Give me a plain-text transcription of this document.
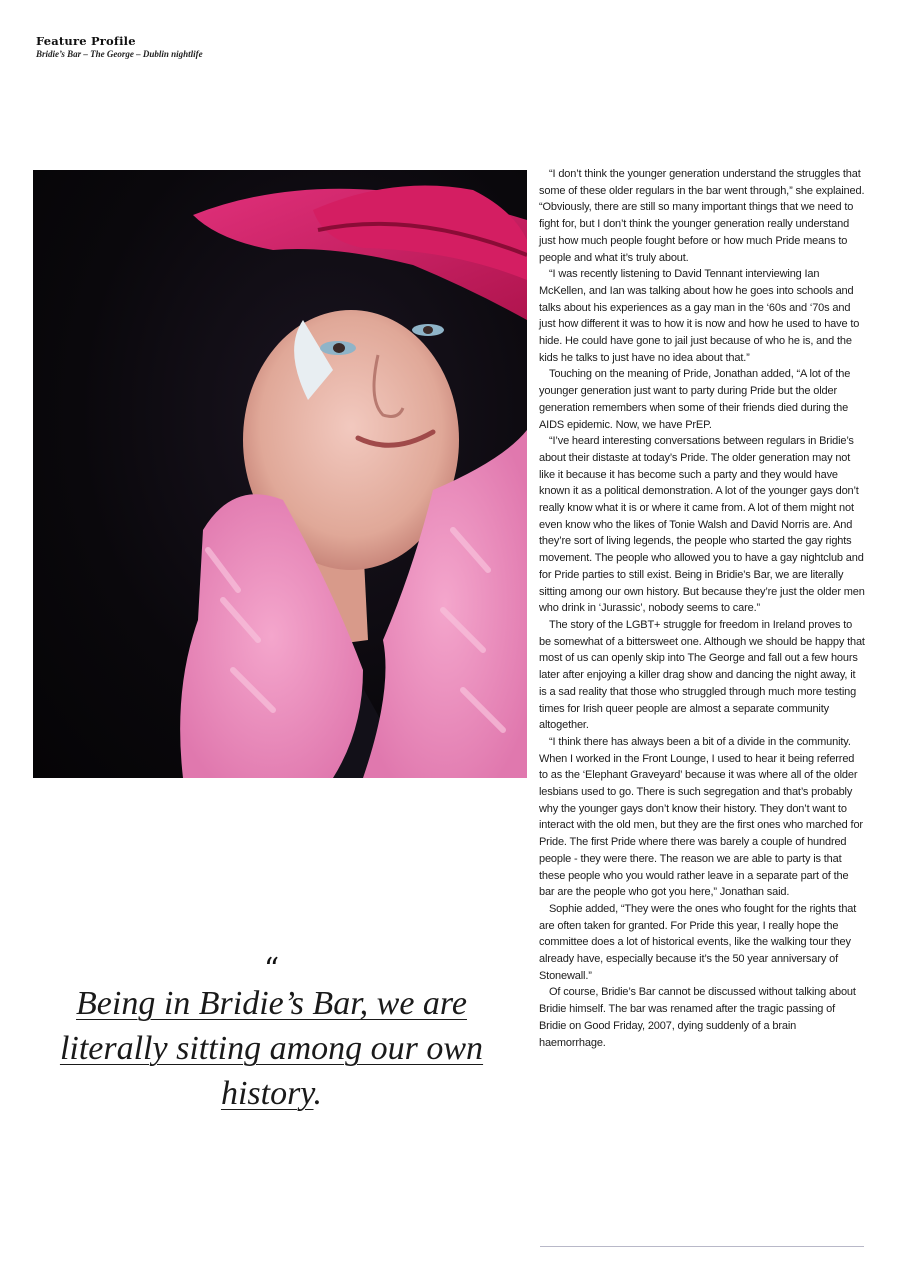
Feature Profile
Bridie’s Bar – The George – Dublin nightlife

“I don’t think the younger generation understand the struggles that some of these older regulars in the bar went through,” she explained. “Obviously, there are still so many important things that we need to fight for, but I don’t think the younger generation really understand just how much people fought before or how much Pride means to people and what it’s truly about.

“I was recently listening to David Tennant interviewing Ian McKellen, and Ian was talking about how he goes into schools and talks about his experiences as a gay man in the ‘60s and ‘70s and just how different it was to how it is now and how he used to have to hide. He could have gone to jail just because of who he is, and the kids he talks to just have no idea about that.”

Touching on the meaning of Pride, Jonathan added, “A lot of the younger generation just want to party during Pride but the older generation remembers when some of their friends died during the AIDS epidemic. Now, we have PrEP.

“I’ve heard interesting conversations between regulars in Bridie’s about their distaste at today’s Pride. The older generation may not like it because it has become such a party and they would have known it as a political demonstration. A lot of the younger gays don’t really know what it is or where it came from. A lot of them might not even know who the likes of Tonie Walsh and David Norris are. And they’re sort of living legends, the people who started the gay rights movement. The people who allowed you to have a gay nightclub and for Pride parties to still exist. Being in Bridie’s Bar, we are literally sitting among our own history. But because they’re just the older men who drink in ‘Jurassic’, nobody seems to care.”

The story of the LGBT+ struggle for freedom in Ireland proves to be somewhat of a bittersweet one. Although we should be happy that most of us can openly skip into The George and fall out a few hours later after enjoying a killer drag show and dancing the night away, it is a sad reality that those who struggled through much more testing times for Irish queer people are almost a separate community altogether.

“I think there has always been a bit of a divide in the community. When I worked in the Front Lounge, I used to hear it being referred to as the ‘Elephant Graveyard’ because it was where all of the older lesbians used to go. There is such segregation and that’s probably why the younger gays don’t know their history. They don’t want to interact with the old men, but they are the first ones who marched for Pride. The first Pride where there was barely a couple of hundred people - they were there. The reason we are able to party is that these people who you would rather leave in a separate part of the bar are the people who got you here,” Jonathan said.

Sophie added, “They were the ones who fought for the rights that are often taken for granted. For Pride this year, I really hope the committee does a lot of historical events, like the walking tour they already have, especially because it’s the 50 year anniversary of Stonewall.”

Of course, Bridie’s Bar cannot be discussed without talking about Bridie himself. The bar was renamed after the tragic passing of Bridie on Good Friday, 2007, dying suddenly of a brain haemorrhage.

“
Being in Bridie’s Bar, we are
literally sitting among our own
history.
